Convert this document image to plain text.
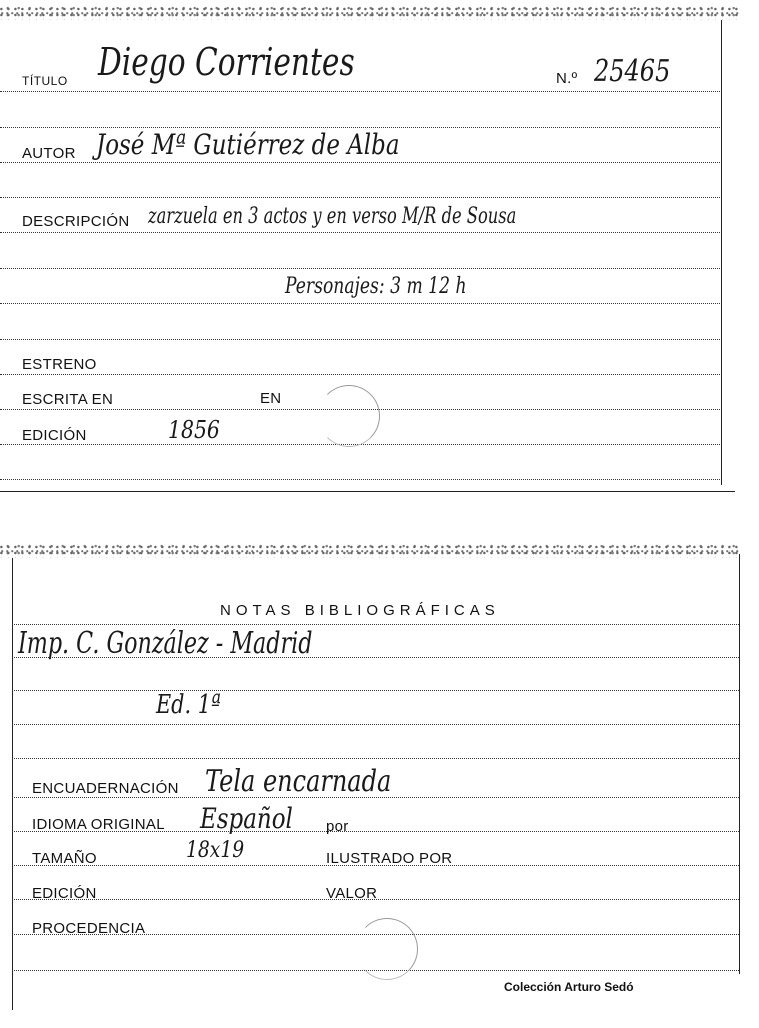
TÍTULO Diego Corrientes	N.º 25465
AUTOR José Mª Gutiérrez de Alba
DESCRIPCIÓN zarzuela en 3 actos y en verso M/R de Sousa
Personajes: 3 m 12 h
ESTRENO
ESCRITA EN	EN
EDICIÓN	1856
NOTAS BIBLIOGRÁFICAS
Imp. C. González - Madrid
Ed. 1ª
ENCUADERNACIÓN Tela encarnada
IDIOMA ORIGINAL Español por
TAMAÑO	18x19	ILUSTRADO POR
EDICIÓN	VALOR
PROCEDENCIA
Colección Arturo Sedó
